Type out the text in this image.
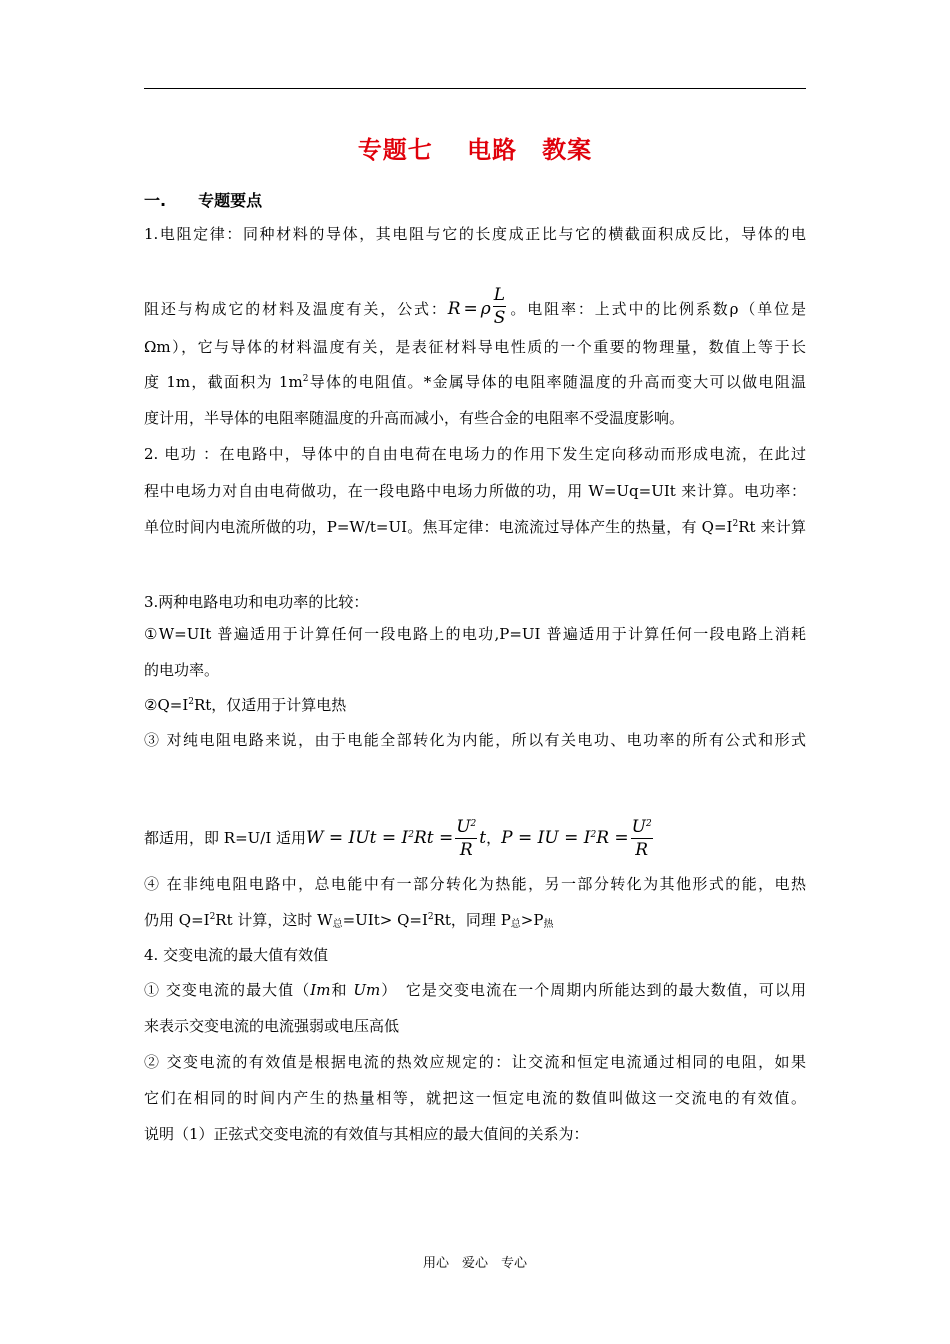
专题七　 电路　教案
一.　　专题要点
1.电阻定律：同种材料的导体，其电阻与它的长度成正比与它的横截面积成反比，导体的电
阻还与构成它的材料及温度有关，公式：R = ρ $\frac{L}{S}$ 。电阻率：上式中的比例系数ρ（单位是
Ωm），它与导体的材料温度有关，是表征材料导电性质的一个重要的物理量，数值上等于长
度 1m，截面积为 $1m^2$导体的电阻值。*金属导体的电阻率随温度的升高而变大可以做电阻温
度计用，半导体的电阻率随温度的升高而减小，有些合金的电阻率不受温度影响。
2. 电功 ：在电路中，导体中的自由电荷在电场力的作用下发生定向移动而形成电流，在此过
程中电场力对自由电荷做功，在一段电路中电场力所做的功，用 W=Uq=UIt 来计算。电功率：
单位时间内电流所做的功，P=W/t=UI。焦耳定律：电流流过导体产生的热量，有 $Q=I^2Rt$ 来计算
3.两种电路电功和电功率的比较：
①W=UIt 普遍适用于计算任何一段电路上的电功,P=UI 普遍适用于计算任何一段电路上消耗
的电功率。
$②Q=I^2Rt$，仅适用于计算电热
③ 对纯电阻电路来说，由于电能全部转化为内能，所以有关电功、电功率的所有公式和形式
都适用，即 R=U/I 适用W = IUt = $I^2Rt = \frac{U^2}{R}$ t，P = IU = $I^2R = \frac{U^2}{R}$
④ 在非纯电阻电路中，总电能中有一部分转化为热能，另一部分转化为其他形式的能，电热
仍用 $Q=I^2Rt$ 计算，这时 $W_总=UIt> Q=I^2Rt$，同理 $P_总>P_热$
4. 交变电流的最大值有效值
① 交变电流的最大值（Im和 Um）　它是交变电流在一个周期内所能达到的最大数值，可以用
来表示交变电流的电流强弱或电压高低
② 交变电流的有效值是根据电流的热效应规定的：让交流和恒定电流通过相同的电阻，如果
它们在相同的时间内产生的热量相等，就把这一恒定电流的数值叫做这一交流电的有效值。
说明（1）正弦式交变电流的有效值与其相应的最大值间的关系为：
用心　爱心　专心
